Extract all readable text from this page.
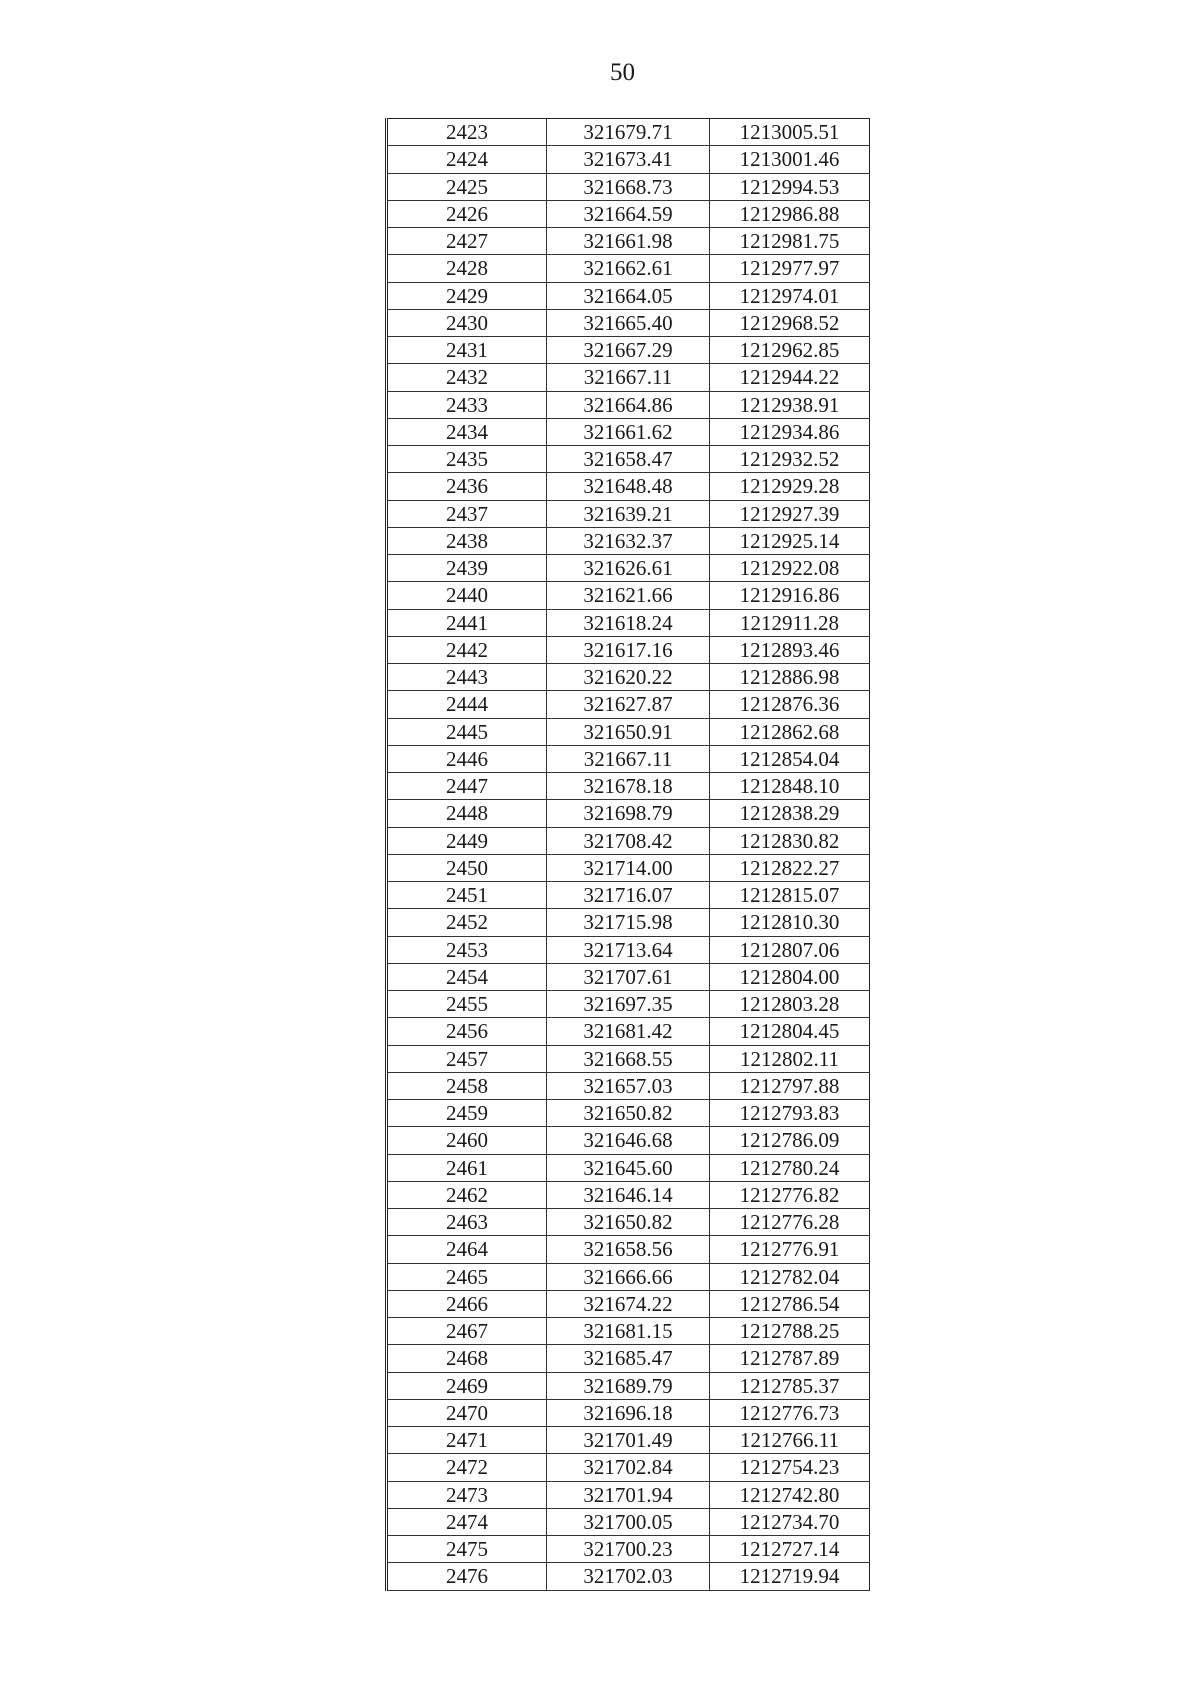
50
2423	321679.71	1213005.51
2424	321673.41	1213001.46
2425	321668.73	1212994.53
2426	321664.59	1212986.88
2427	321661.98	1212981.75
2428	321662.61	1212977.97
2429	321664.05	1212974.01
2430	321665.40	1212968.52
2431	321667.29	1212962.85
2432	321667.11	1212944.22
2433	321664.86	1212938.91
2434	321661.62	1212934.86
2435	321658.47	1212932.52
2436	321648.48	1212929.28
2437	321639.21	1212927.39
2438	321632.37	1212925.14
2439	321626.61	1212922.08
2440	321621.66	1212916.86
2441	321618.24	1212911.28
2442	321617.16	1212893.46
2443	321620.22	1212886.98
2444	321627.87	1212876.36
2445	321650.91	1212862.68
2446	321667.11	1212854.04
2447	321678.18	1212848.10
2448	321698.79	1212838.29
2449	321708.42	1212830.82
2450	321714.00	1212822.27
2451	321716.07	1212815.07
2452	321715.98	1212810.30
2453	321713.64	1212807.06
2454	321707.61	1212804.00
2455	321697.35	1212803.28
2456	321681.42	1212804.45
2457	321668.55	1212802.11
2458	321657.03	1212797.88
2459	321650.82	1212793.83
2460	321646.68	1212786.09
2461	321645.60	1212780.24
2462	321646.14	1212776.82
2463	321650.82	1212776.28
2464	321658.56	1212776.91
2465	321666.66	1212782.04
2466	321674.22	1212786.54
2467	321681.15	1212788.25
2468	321685.47	1212787.89
2469	321689.79	1212785.37
2470	321696.18	1212776.73
2471	321701.49	1212766.11
2472	321702.84	1212754.23
2473	321701.94	1212742.80
2474	321700.05	1212734.70
2475	321700.23	1212727.14
2476	321702.03	1212719.94
